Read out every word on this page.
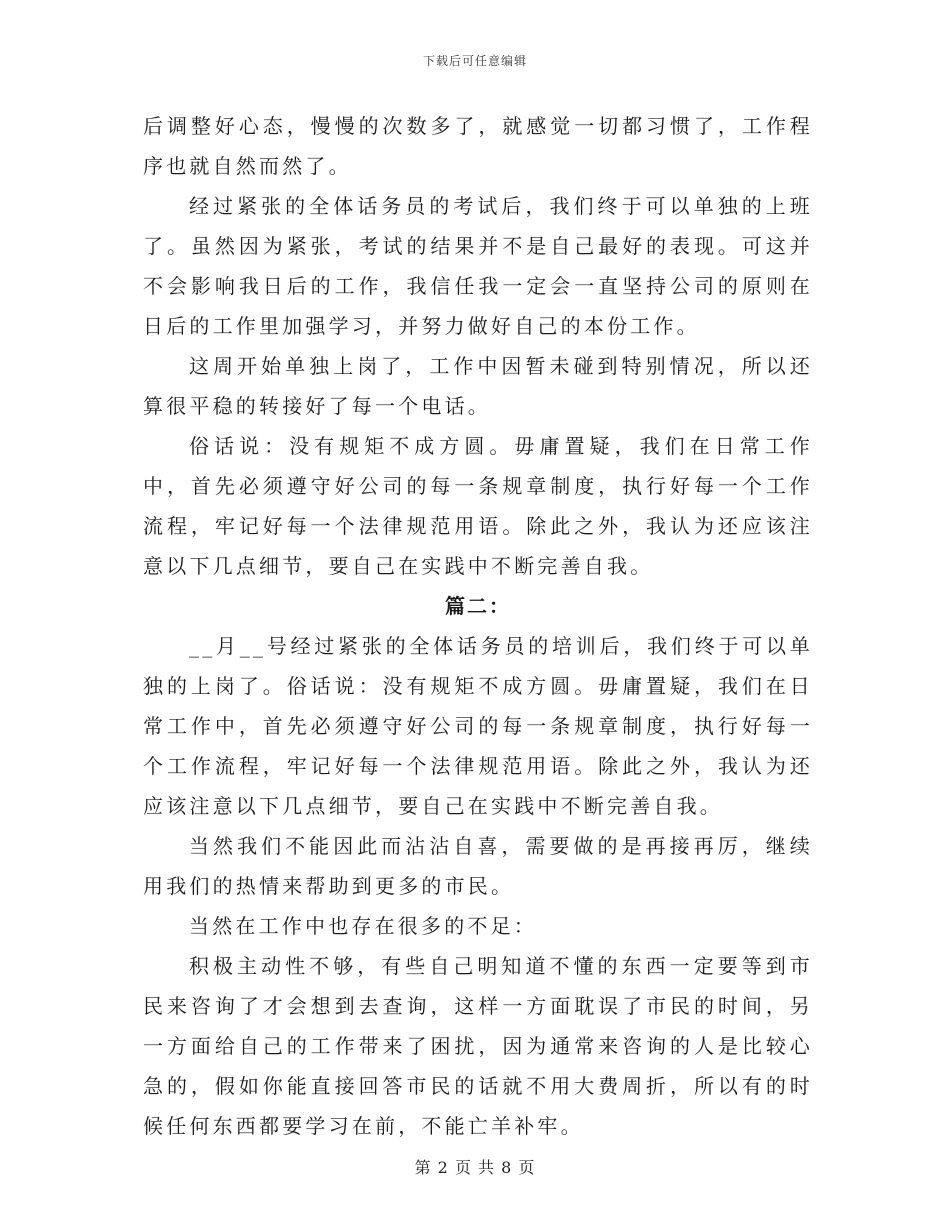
下载后可任意编辑

后调整好心态，慢慢的次数多了，就感觉一切都习惯了，工作程序也就自然而然了。

经过紧张的全体话务员的考试后，我们终于可以单独的上班了。虽然因为紧张，考试的结果并不是自己最好的表现。可这并不会影响我日后的工作，我信任我一定会一直坚持公司的原则在日后的工作里加强学习，并努力做好自己的本份工作。

这周开始单独上岗了，工作中因暂未碰到特别情况，所以还算很平稳的转接好了每一个电话。

俗话说：没有规矩不成方圆。毋庸置疑，我们在日常工作中，首先必须遵守好公司的每一条规章制度，执行好每一个工作流程，牢记好每一个法律规范用语。除此之外，我认为还应该注意以下几点细节，要自己在实践中不断完善自我。

篇二：

__月__号经过紧张的全体话务员的培训后，我们终于可以单独的上岗了。俗话说：没有规矩不成方圆。毋庸置疑，我们在日常工作中，首先必须遵守好公司的每一条规章制度，执行好每一个工作流程，牢记好每一个法律规范用语。除此之外，我认为还应该注意以下几点细节，要自己在实践中不断完善自我。

当然我们不能因此而沾沾自喜，需要做的是再接再厉，继续用我们的热情来帮助到更多的市民。

当然在工作中也存在很多的不足：

积极主动性不够，有些自己明知道不懂的东西一定要等到市民来咨询了才会想到去查询，这样一方面耽误了市民的时间，另一方面给自己的工作带来了困扰，因为通常来咨询的人是比较心急的，假如你能直接回答市民的话就不用大费周折，所以有的时候任何东西都要学习在前，不能亡羊补牢。

第 2 页 共 8 页
